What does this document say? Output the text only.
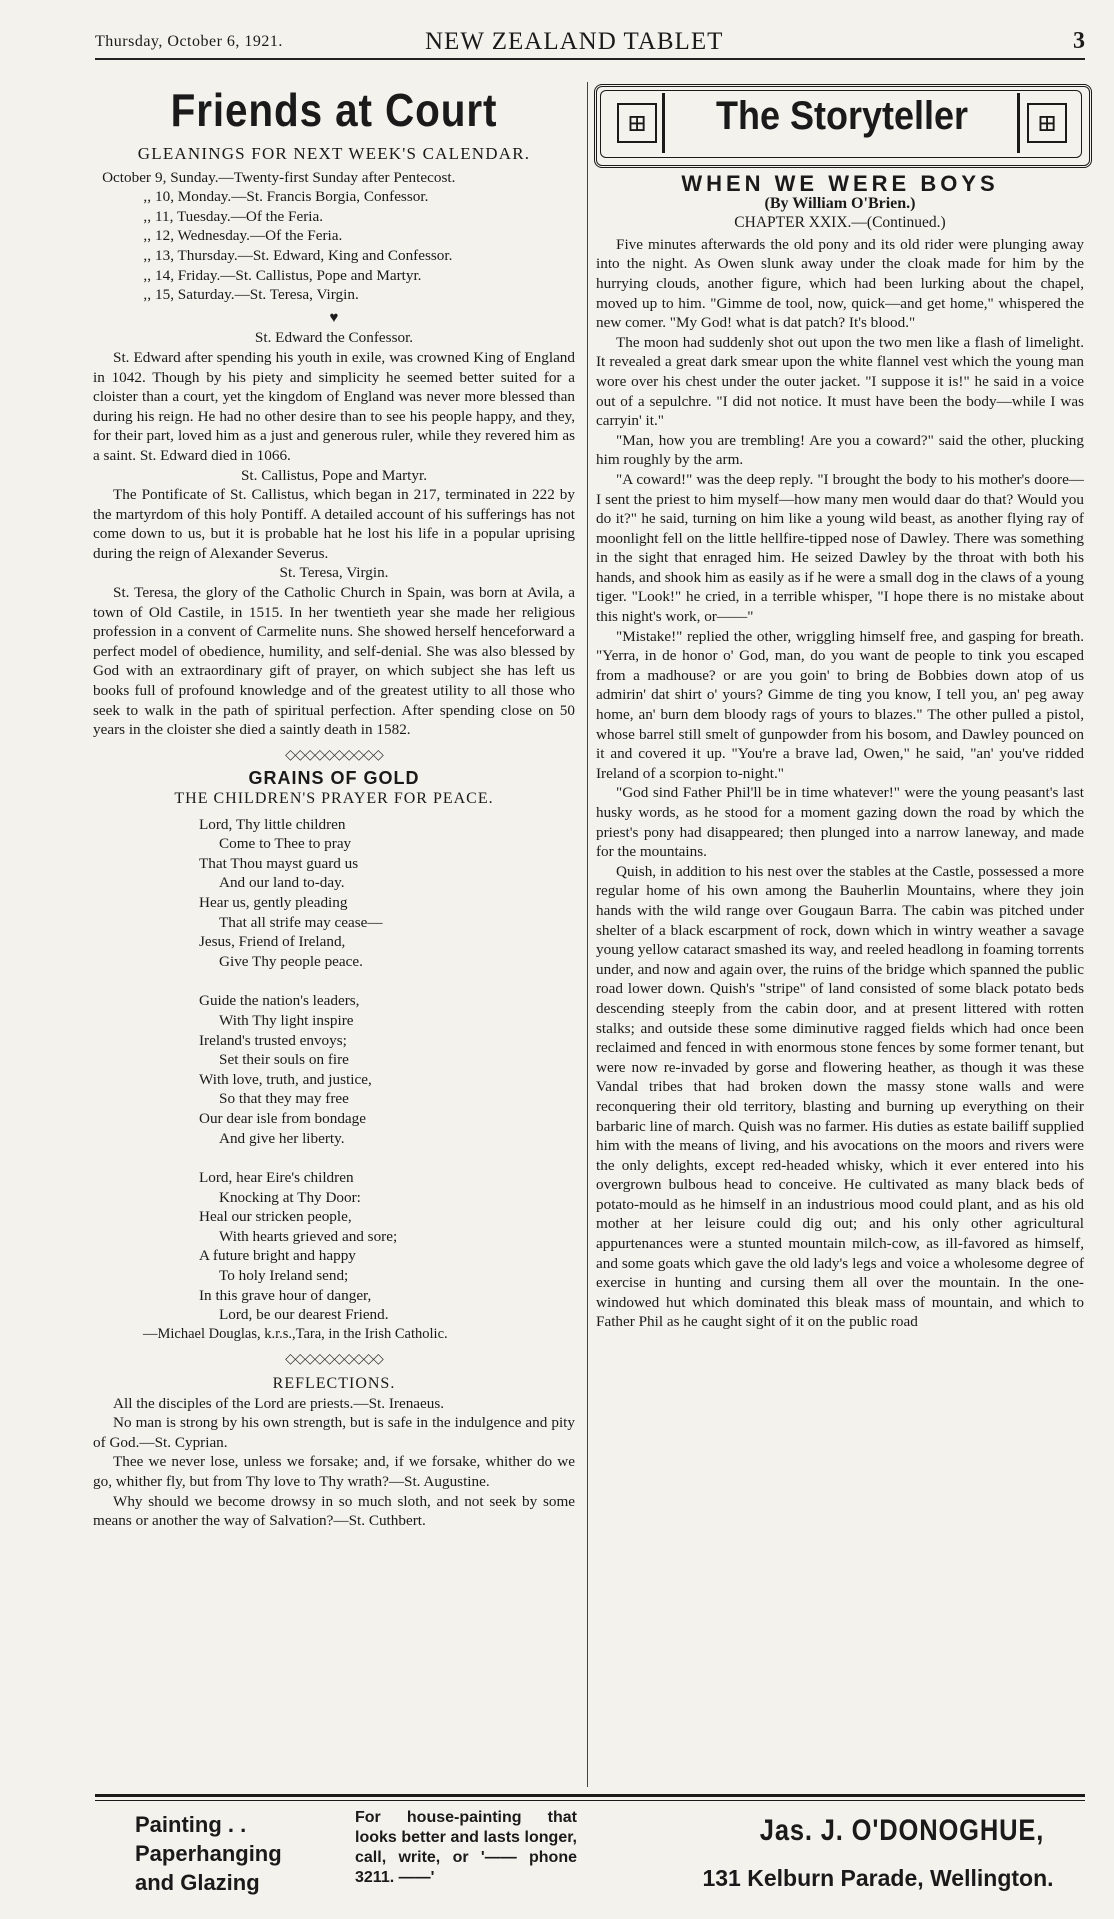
Thursday, October 6, 1921.	NEW ZEALAND TABLET	3
Friends at Court
GLEANINGS FOR NEXT WEEK'S CALENDAR.
October 9, Sunday.—Twenty-first Sunday after Pentecost.
,, 10, Monday.—St. Francis Borgia, Confessor.
,, 11, Tuesday.—Of the Feria.
,, 12, Wednesday.—Of the Feria.
,, 13, Thursday.—St. Edward, King and Confessor.
,, 14, Friday.—St. Callistus, Pope and Martyr.
,, 15, Saturday.—St. Teresa, Virgin.
♥
St. Edward the Confessor.

St. Edward after spending his youth in exile, was crowned King of England in 1042. Though by his piety and simplicity he seemed better suited for a cloister than a court, yet the kingdom of England was never more blessed than during his reign. He had no other desire than to see his people happy, and they, for their part, loved him as a just and generous ruler, while they revered him as a saint. St. Edward died in 1066.

St. Callistus, Pope and Martyr.

The Pontificate of St. Callistus, which began in 217, terminated in 222 by the martyrdom of this holy Pontiff. A detailed account of his sufferings has not come down to us, but it is probable hat he lost his life in a popular uprising during the reign of Alexander Severus.

St. Teresa, Virgin.

St. Teresa, the glory of the Catholic Church in Spain, was born at Avila, a town of Old Castile, in 1515. In her twentieth year she made her religious profession in a convent of Carmelite nuns. She showed herself henceforward a perfect model of obedience, humility, and self-denial. She was also blessed by God with an extraordinary gift of prayer, on which subject she has left us books full of profound knowledge and of the greatest utility to all those who seek to walk in the path of spiritual perfection. After spending close on 50 years in the cloister she died a saintly death in 1582.

◇◇◇◇◇◇◇◇◇◇
GRAINS OF GOLD
THE CHILDREN'S PRAYER FOR PEACE.
Lord, Thy little children
Come to Thee to pray
That Thou mayst guard us
And our land to-day.
Hear us, gently pleading
That all strife may cease—
Jesus, Friend of Ireland,
Give Thy people peace.
Guide the nation's leaders,
With Thy light inspire
Ireland's trusted envoys;
Set their souls on fire
With love, truth, and justice,
So that they may free
Our dear isle from bondage
And give her liberty.
Lord, hear Eire's children
Knocking at Thy Door:
Heal our stricken people,
With hearts grieved and sore;
A future bright and happy
To holy Ireland send;
In this grave hour of danger,
Lord, be our dearest Friend.
—Michael Douglas, k.r.s.,Tara, in the Irish Catholic.
◇◇◇◇◇◇◇◇◇◇
REFLECTIONS.

All the disciples of the Lord are priests.—St. Irenaeus.

No man is strong by his own strength, but is safe in the indulgence and pity of God.—St. Cyprian.

Thee we never lose, unless we forsake; and, if we forsake, whither do we go, whither fly, but from Thy love to Thy wrath?—St. Augustine.

Why should we become drowsy in so much sloth, and not seek by some means or another the way of Salvation?—St. Cuthbert.

⊞	The Storyteller	⊞
WHEN WE WERE BOYS
(By William O'Brien.)
CHAPTER XXIX.—(Continued.)

Five minutes afterwards the old pony and its old rider were plunging away into the night. As Owen slunk away under the cloak made for him by the hurrying clouds, another figure, which had been lurking about the chapel, moved up to him. "Gimme de tool, now, quick—and get home," whispered the new comer. "My God! what is dat patch? It's blood."

The moon had suddenly shot out upon the two men like a flash of limelight. It revealed a great dark smear upon the white flannel vest which the young man wore over his chest under the outer jacket. "I suppose it is!" he said in a voice out of a sepulchre. "I did not notice. It must have been the body—while I was carryin' it."

"Man, how you are trembling! Are you a coward?" said the other, plucking him roughly by the arm.

"A coward!" was the deep reply. "I brought the body to his mother's doore—I sent the priest to him myself—how many men would daar do that? Would you do it?" he said, turning on him like a young wild beast, as another flying ray of moonlight fell on the little hellfire-tipped nose of Dawley. There was something in the sight that enraged him. He seized Dawley by the throat with both his hands, and shook him as easily as if he were a small dog in the claws of a young tiger. "Look!" he cried, in a terrible whisper, "I hope there is no mistake about this night's work, or——"

"Mistake!" replied the other, wriggling himself free, and gasping for breath. "Yerra, in de honor o' God, man, do you want de people to tink you escaped from a madhouse? or are you goin' to bring de Bobbies down atop of us admirin' dat shirt o' yours? Gimme de ting you know, I tell you, an' peg away home, an' burn dem bloody rags of yours to blazes." The other pulled a pistol, whose barrel still smelt of gunpowder from his bosom, and Dawley pounced on it and covered it up. "You're a brave lad, Owen," he said, "an' you've ridded Ireland of a scorpion to-night."

"God sind Father Phil'll be in time whatever!" were the young peasant's last husky words, as he stood for a moment gazing down the road by which the priest's pony had disappeared; then plunged into a narrow laneway, and made for the mountains.

Quish, in addition to his nest over the stables at the Castle, possessed a more regular home of his own among the Bauherlin Mountains, where they join hands with the wild range over Gougaun Barra. The cabin was pitched under shelter of a black escarpment of rock, down which in wintry weather a savage young yellow cataract smashed its way, and reeled headlong in foaming torrents under, and now and again over, the ruins of the bridge which spanned the public road lower down. Quish's "stripe" of land consisted of some black potato beds descending steeply from the cabin door, and at present littered with rotten stalks; and outside these some diminutive ragged fields which had once been reclaimed and fenced in with enormous stone fences by some former tenant, but were now re-invaded by gorse and flowering heather, as though it was these Vandal tribes that had broken down the massy stone walls and were reconquering their old territory, blasting and burning up everything on their barbaric line of march. Quish was no farmer. His duties as estate bailiff supplied him with the means of living, and his avocations on the moors and rivers were the only delights, except red-headed whisky, which it ever entered into his overgrown bulbous head to conceive. He cultivated as many black beds of potato-mould as he himself in an industrious mood could plant, and as his old mother at her leisure could dig out; and his only other agricultural appurtenances were a stunted mountain milch-cow, as ill-favored as himself, and some goats which gave the old lady's legs and voice a wholesome degree of exercise in hunting and cursing them all over the mountain. In the one-windowed hut which dominated this bleak mass of mountain, and which to Father Phil as he caught sight of it on the public road

Painting . .
Paperhanging
and Glazing
For house-painting that looks better and lasts longer, call, write, or '—— phone 3211. ——'
Jas. J. O'DONOGHUE,
131 Kelburn Parade, Wellington.
